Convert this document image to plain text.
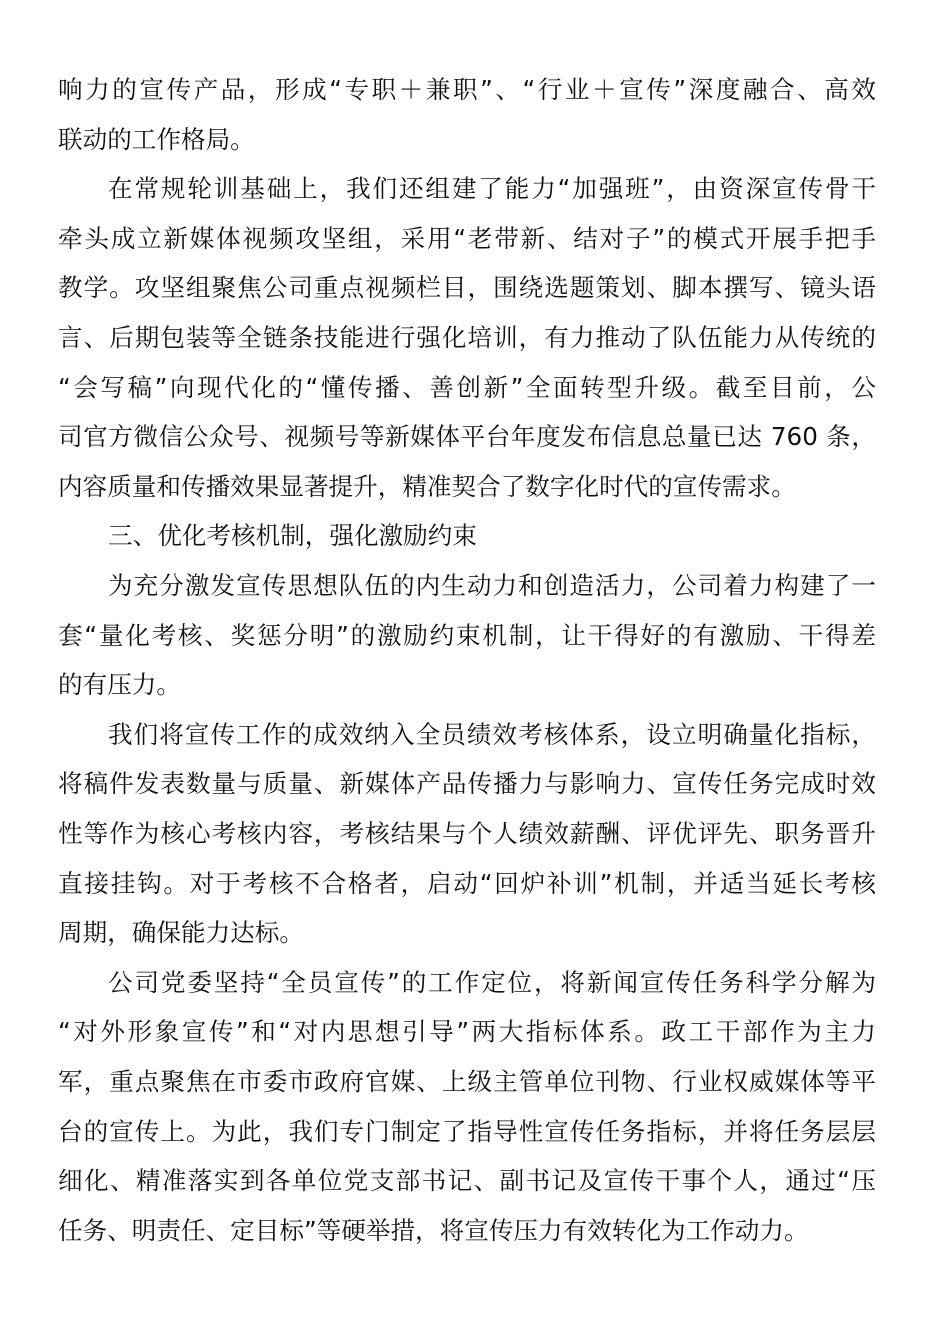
响力的宣传产品，形成“专职＋兼职”、“行业＋宣传”深度融合、高效
联动的工作格局。
在常规轮训基础上，我们还组建了能力“加强班”，由资深宣传骨干
牵头成立新媒体视频攻坚组，采用“老带新、结对子”的模式开展手把手
教学。攻坚组聚焦公司重点视频栏目，围绕选题策划、脚本撰写、镜头语
言、后期包装等全链条技能进行强化培训，有力推动了队伍能力从传统的
“会写稿”向现代化的“懂传播、善创新”全面转型升级。截至目前，公
司官方微信公众号、视频号等新媒体平台年度发布信息总量已达 760 条，
内容质量和传播效果显著提升，精准契合了数字化时代的宣传需求。
三、优化考核机制，强化激励约束
为充分激发宣传思想队伍的内生动力和创造活力，公司着力构建了一
套“量化考核、奖惩分明”的激励约束机制，让干得好的有激励、干得差
的有压力。
我们将宣传工作的成效纳入全员绩效考核体系，设立明确量化指标，
将稿件发表数量与质量、新媒体产品传播力与影响力、宣传任务完成时效
性等作为核心考核内容，考核结果与个人绩效薪酬、评优评先、职务晋升
直接挂钩。对于考核不合格者，启动“回炉补训”机制，并适当延长考核
周期，确保能力达标。
公司党委坚持“全员宣传”的工作定位，将新闻宣传任务科学分解为
“对外形象宣传”和“对内思想引导”两大指标体系。政工干部作为主力
军，重点聚焦在市委市政府官媒、上级主管单位刊物、行业权威媒体等平
台的宣传上。为此，我们专门制定了指导性宣传任务指标，并将任务层层
细化、精准落实到各单位党支部书记、副书记及宣传干事个人，通过“压
任务、明责任、定目标”等硬举措，将宣传压力有效转化为工作动力。
